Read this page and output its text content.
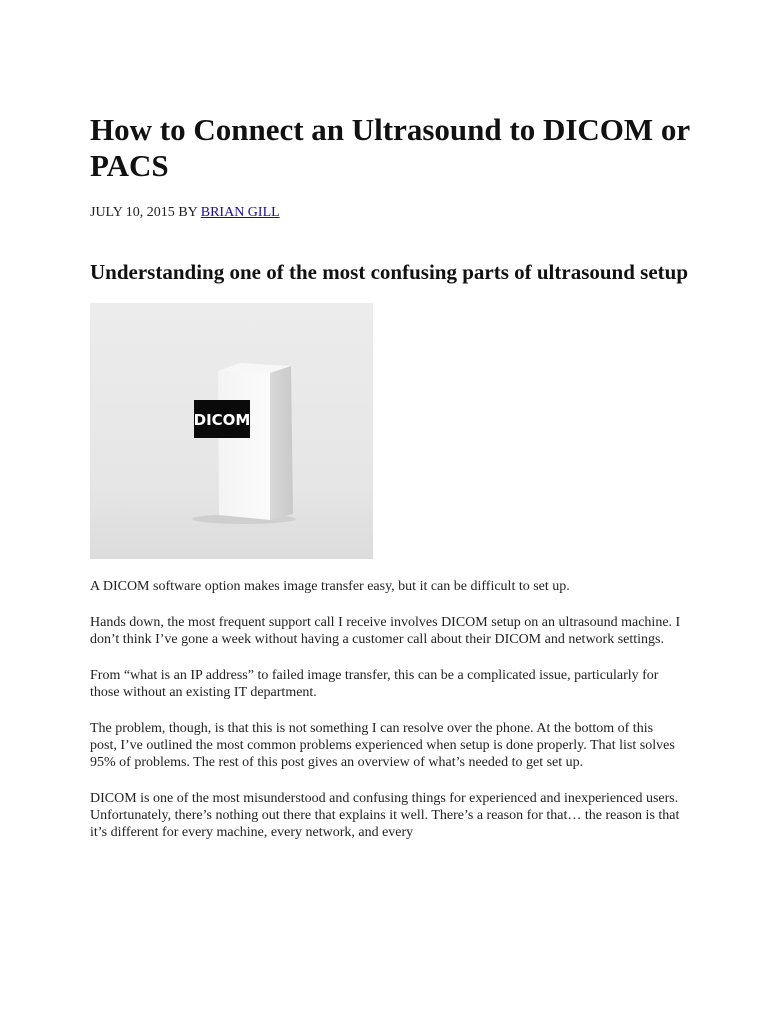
How to Connect an Ultrasound to DICOM or PACS
JULY 10, 2015 BY BRIAN GILL
Understanding one of the most confusing parts of ultrasound setup
DICOM
A DICOM software option makes image transfer easy, but it can be difficult to set up.

Hands down, the most frequent support call I receive involves DICOM setup on an ultrasound machine. I don’t think I’ve gone a week without having a customer call about their DICOM and network settings.

From “what is an IP address” to failed image transfer, this can be a complicated issue, particularly for those without an existing IT department.

The problem, though, is that this is not something I can resolve over the phone. At the bottom of this post, I’ve outlined the most common problems experienced when setup is done properly. That list solves 95% of problems. The rest of this post gives an overview of what’s needed to get set up.

DICOM is one of the most misunderstood and confusing things for experienced and inexperienced users. Unfortunately, there’s nothing out there that explains it well. There’s a reason for that… the reason is that it’s different for every machine, every network, and every
